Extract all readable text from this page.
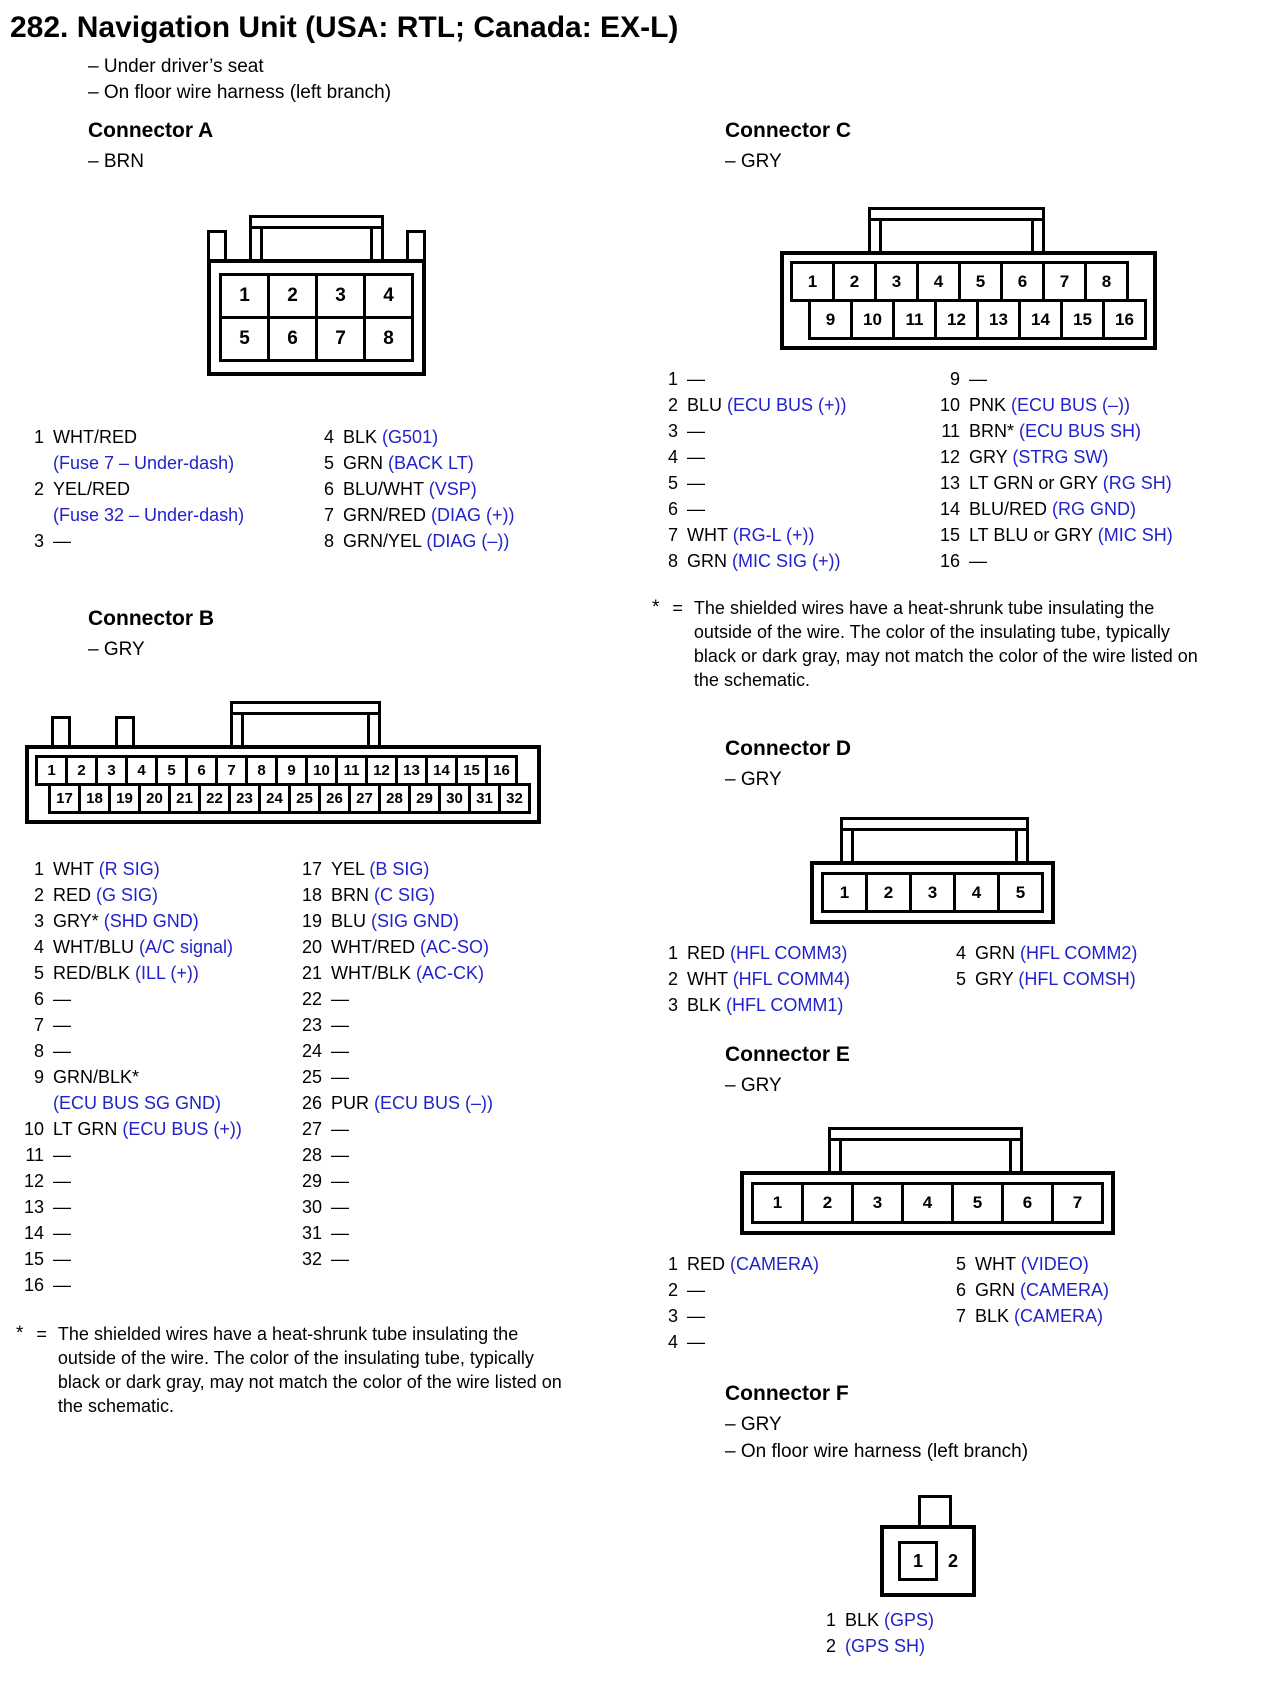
282. Navigation Unit (USA: RTL; Canada: EX-L)
– Under driver’s seat
– On floor wire harness (left branch)
Connector A
– BRN
1	2	3	4
5	6	7	8
1 WHT/RED
(Fuse 7 – Under-dash)
2 YEL/RED
(Fuse 32 – Under-dash)
3 —
4 BLK (G501)
5 GRN (BACK LT)
6 BLU/WHT (VSP)
7 GRN/RED (DIAG (+))
8 GRN/YEL (DIAG (–))
Connector B
– GRY
1	2	3	4	5	6	7	8	9	10 11 12 13 14 15 16
17 18 19 20 21 22 23 24 25 26 27 28 29 30 31 32
1 WHT (R SIG)
2 RED (G SIG)
3 GRY* (SHD GND)
4 WHT/BLU (A/C signal)
5 RED/BLK (ILL (+))
6 —
7 —
8 —
9 GRN/BLK*
(ECU BUS SG GND)
10 LT GRN (ECU BUS (+))
11 —
12 —
13 —
14 —
15 —
16 —
17 YEL (B SIG)
18 BRN (C SIG)
19 BLU (SIG GND)
20 WHT/RED (AC-SO)
21 WHT/BLK (AC-CK)
22 —
23 —
24 —
25 —
26 PUR (ECU BUS (–))
27 —
28 —
29 —
30 —
31 —
32 —
* = The shielded wires have a heat-shrunk tube insulating the outside of the wire. The color of the insulating tube, typically black or dark gray, may not match the color of the wire listed on the schematic.
Connector C
– GRY
1	2	3	4	5	6	7	8
9	10	11	12	13	14	15	16
1 —
2 BLU (ECU BUS (+))
3 —
4 —
5 —
6 —
7 WHT (RG-L (+))
8 GRN (MIC SIG (+))
9 —
10 PNK (ECU BUS (–))
11 BRN* (ECU BUS SH)
12 GRY (STRG SW)
13 LT GRN or GRY (RG SH)
14 BLU/RED (RG GND)
15 LT BLU or GRY (MIC SH)
16 —
* = The shielded wires have a heat-shrunk tube insulating the outside of the wire. The color of the insulating tube, typically black or dark gray, may not match the color of the wire listed on the schematic.
Connector D
– GRY
1	2	3	4	5
1 RED (HFL COMM3)
2 WHT (HFL COMM4)
3 BLK (HFL COMM1)
4 GRN (HFL COMM2)
5 GRY (HFL COMSH)
Connector E
– GRY
1	2	3	4	5	6	7
1 RED (CAMERA)
2 —
3 —
4 —
5 WHT (VIDEO)
6 GRN (CAMERA)
7 BLK (CAMERA)
Connector F
– GRY
– On floor wire harness (left branch)
1	2
1 BLK (GPS)
2 (GPS SH)
